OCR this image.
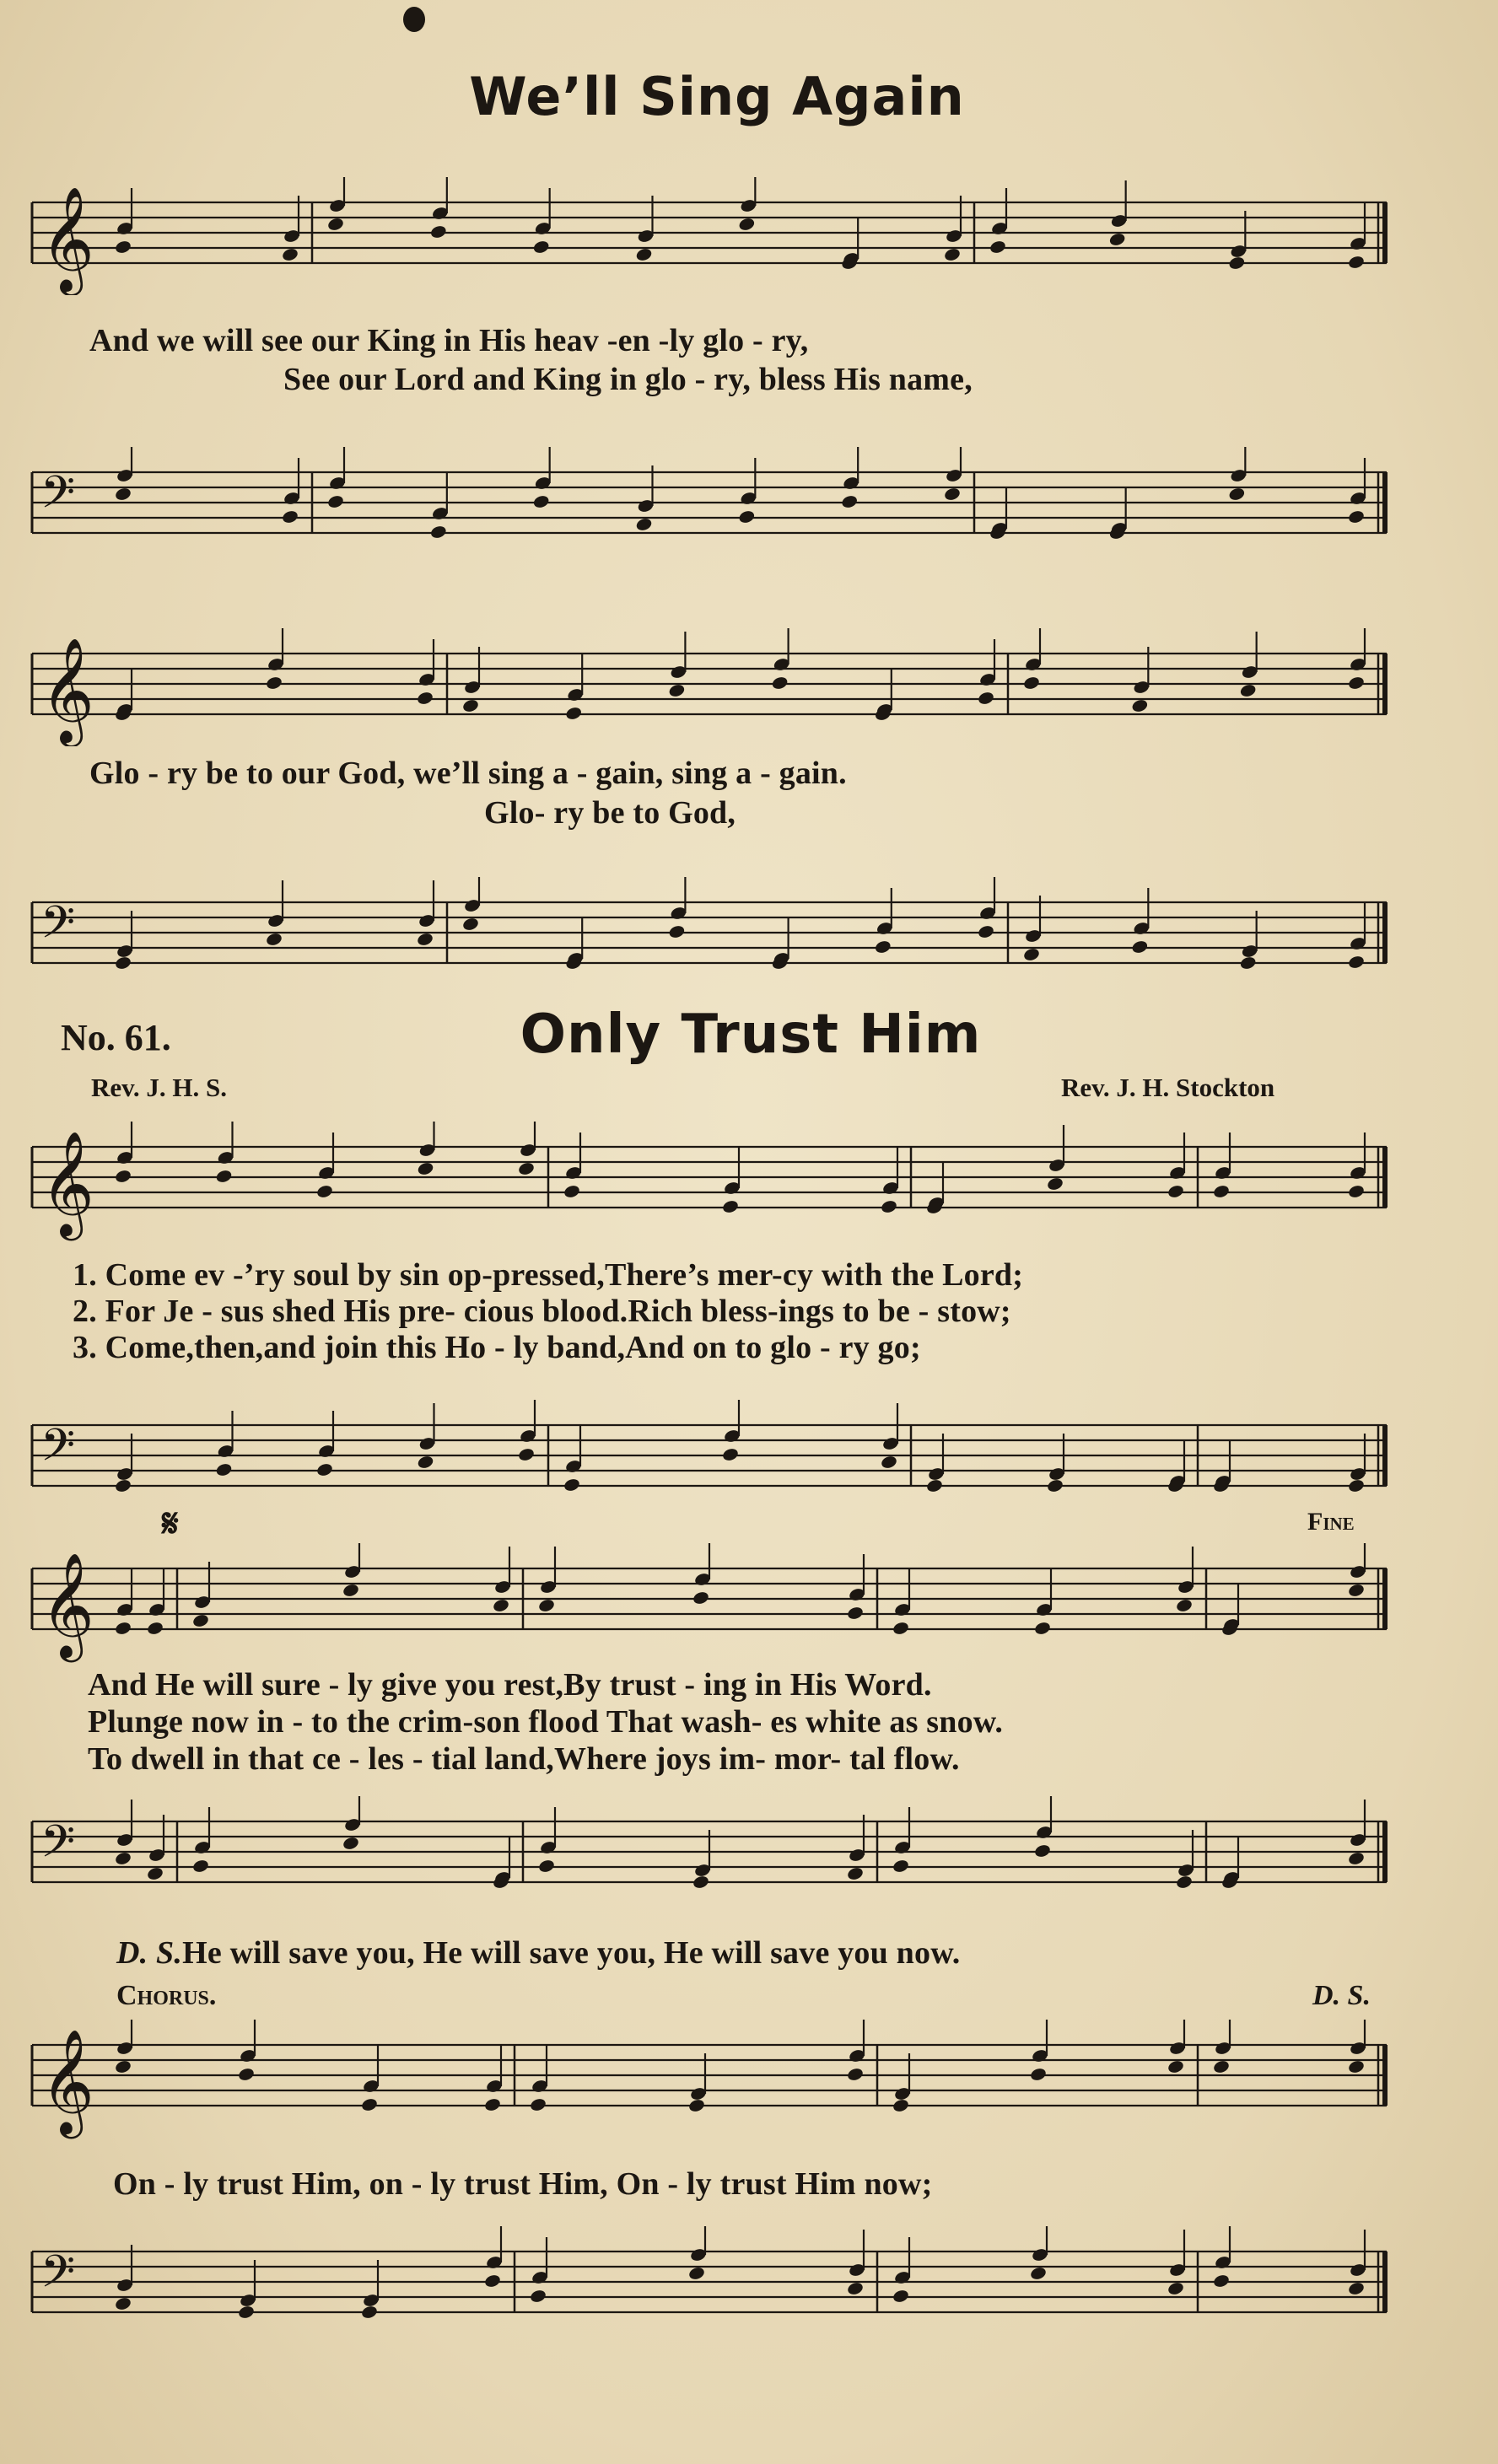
We’ll Sing Again
𝄞
𝄢
𝄞
𝄢
And we will see our King in His heav -en -ly glo - ry,
See our Lord and King in glo - ry, bless His name,
Glo - ry be to our God, we’ll sing a - gain, sing a - gain.
Glo- ry be to God,
No. 61.	Only Trust Him
Rev. J. H. S.	Rev. J. H. Stockton
𝄞
𝄢
1. Come ev -’ry soul by sin op-pressed,There’s mer-cy with the Lord;
2. For Je - sus shed His pre- cious blood.Rich bless-ings to be - stow;
3. Come,then,and join this Ho - ly band,And on to glo - ry go;
𝄋	Fine
𝄞
And He will sure - ly give you rest,By trust - ing in His Word.
Plunge now in - to the crim-son flood That wash- es white as snow.
To dwell in that ce - les - tial land,Where joys im- mor- tal flow.
𝄢
D. S.He will save you, He will save you, He will save you now.
Chorus.	D. S.
𝄞
On - ly trust Him, on - ly trust Him, On - ly trust Him now;
𝄢
